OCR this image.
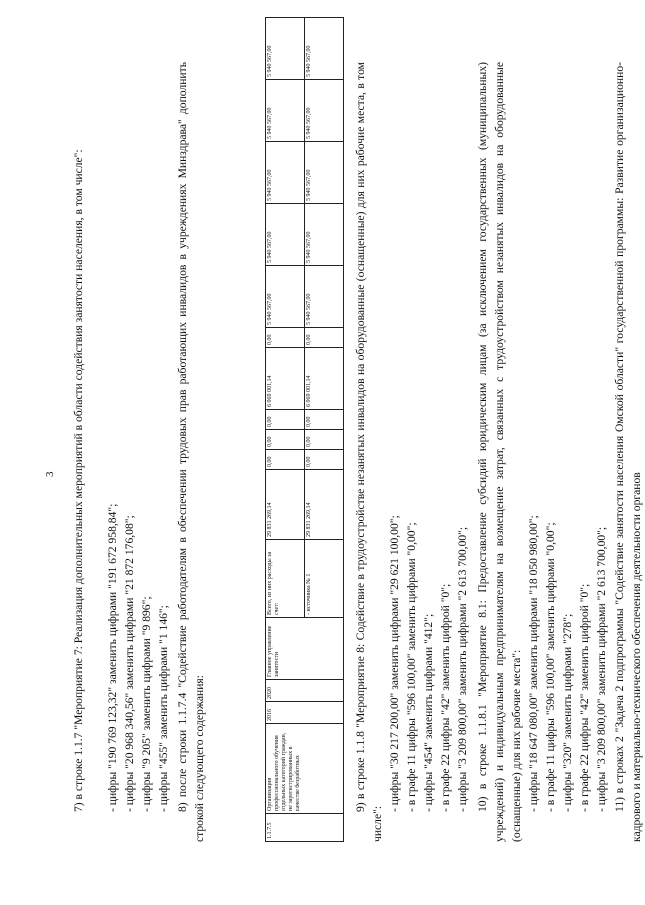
3 7) в строке 1.1.7 "Мероприятие 7: Реализация дополнительных мероприятий в области содействия занятости населения, в том числе": - цифры "190 769 123,32" заменить цифрами "191 672 958,84"; - цифры "20 968 340,56" заменить цифрами "21 872 176,08"; - цифры "9 205" заменить цифрами "9 896"; - цифры "455" заменить цифрами "1 146"; 8) после строки 1.1.7.4 "Содействие работодателям в обеспечении трудовых прав работающих инвалидов в учреждениях Минздрава" дополнить строкой следующего содержания:	1.1.7.5	Организация профессионального обучения отдельных категорий граждан, не зарегистрированных в качестве безработных	2016	2020	Главное управление занятости	Всего, из них расходы за счет:	29 831 269,14	0,00	0,00	0,00	6 069 001,14	0,00	5 940 567,00	5 940 567,00	5 940 567,00	5 940 567,00	5 940 567,00
					- источника № 1	29 831 269,14	0,00	0,00	0,00	6 069 001,14	0,00	5 940 567,00	5 940 567,00	5 940 567,00	5 940 567,00	5 940 567,00

9) в строке 1.1.8 "Мероприятие 8: Содействие в трудоустройстве незанятых инвалидов на оборудованные (оснащенные) для них рабочие места, в том числе":

- цифры "30 217 200,00" заменить цифрами "29 621 100,00"; - в графе 11 цифры "596 100,00" заменить цифрами "0,00"; - цифры "454" заменить цифрами "412"; - в графе 22 цифры "42" заменить цифрой "0"; - цифры "3 209 800,00" заменить цифрами "2 613 700,00"; 10) в строке 1.1.8.1 "Мероприятие 8.1: Предоставление субсидий юридическим лицам (за исключением государственных (муниципальных) учреждений) и индивидуальным предпринимателям на возмещение затрат, связанных с трудоустройством незанятых инвалидов на оборудованные (оснащенные) для них рабочие места": - цифры "18 647 080,00" заменить цифрами "18 050 980,00"; - в графе 11 цифры "596 100,00" заменить цифрами "0,00"; - цифры "320" заменить цифрами "278"; - в графе 22 цифры "42" заменить цифрой "0"; - цифры "3 209 800,00" заменить цифрами "2 613 700,00"; 11) в строках 2 "Задача 2 подпрограммы "Содействие занятости населения Омской области" государственной программы: Развитие организационно-кадрового и материально-технического обеспечения деятельности органов
